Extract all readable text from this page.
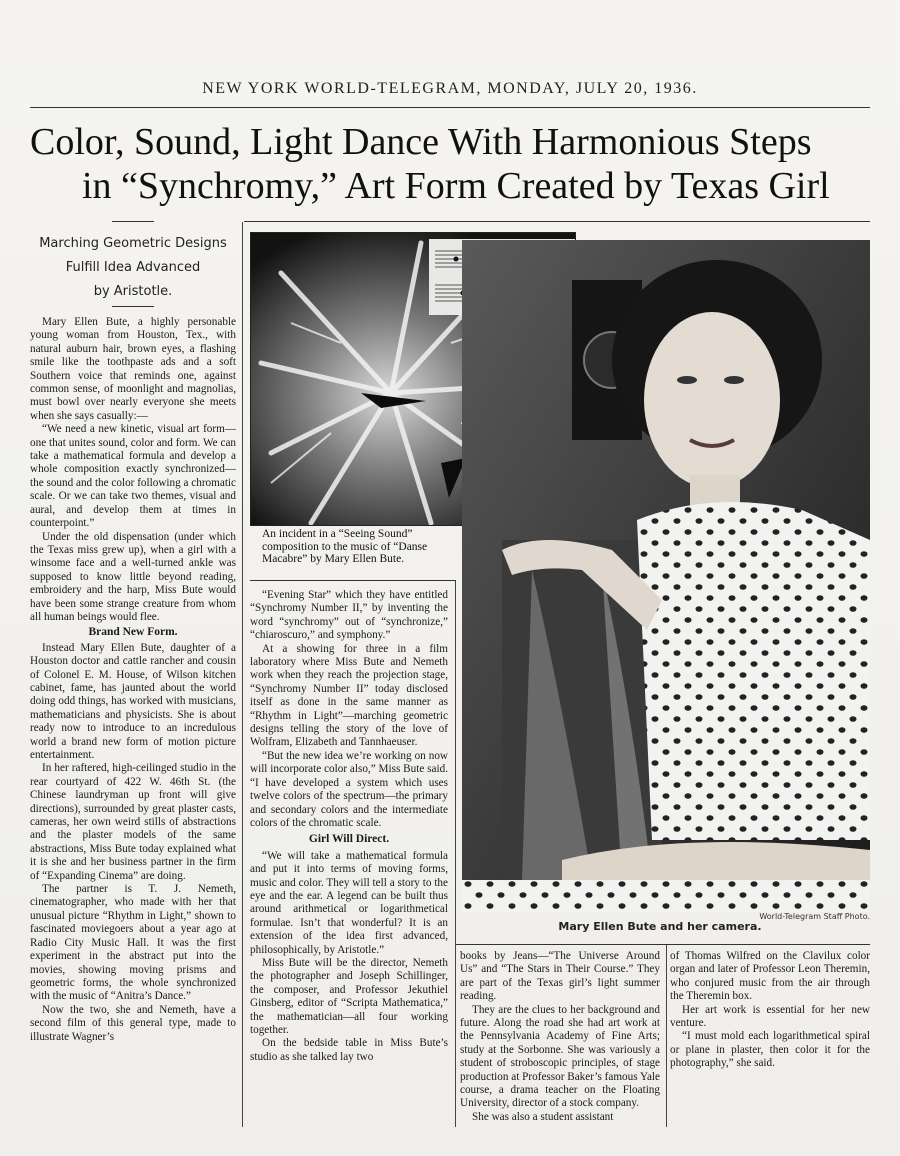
NEW YORK WORLD-TELEGRAM, MONDAY, JULY 20, 1936.
Color, Sound, Light Dance With Harmonious Steps
in “Synchromy,” Art Form Created by Texas Girl
Marching Geometric Designs
Fulfill Idea Advanced
by Aristotle.

Mary Ellen Bute, a highly personable young woman from Houston, Tex., with natural auburn hair, brown eyes, a flashing smile like the toothpaste ads and a soft Southern voice that reminds one, against common sense, of moonlight and magnolias, must bowl over nearly everyone she meets when she says casually:—

“We need a new kinetic, visual art form—one that unites sound, color and form. We can take a mathematical formula and develop a whole composition exactly synchronized—the sound and the color following a chromatic scale. Or we can take two themes, visual and aural, and develop them at times in counterpoint.”

Under the old dispensation (under which the Texas miss grew up), when a girl with a winsome face and a well-turned ankle was supposed to know little beyond reading, embroidery and the harp, Miss Bute would have been some strange creature from whom all human beings would flee.

Brand New Form.

Instead Mary Ellen Bute, daughter of a Houston doctor and cattle rancher and cousin of Colonel E. M. House, of Wilson kitchen cabinet, fame, has jaunted about the world doing odd things, has worked with musicians, mathematicians and physicists. She is about ready now to introduce to an incredulous world a brand new form of motion picture entertainment.

In her raftered, high-ceilinged studio in the rear courtyard of 422 W. 46th St. (the Chinese laundryman up front will give directions), surrounded by great plaster casts, cameras, her own weird stills of abstractions and the plaster models of the same abstractions, Miss Bute today explained what it is she and her business partner in the firm of “Expanding Cinema” are doing.

The partner is T. J. Nemeth, cinematographer, who made with her that unusual picture “Rhythm in Light,” shown to fascinated moviegoers about a year ago at Radio City Music Hall. It was the first experiment in the abstract put into the movies, showing moving prisms and geometric forms, the whole synchronized with the music of “Anitra’s Dance.”

Now the two, she and Nemeth, have a second film of this general type, made to illustrate Wagner’s

An incident in a “Seeing Sound” composition to the music of “Danse Macabre” by Mary Ellen Bute.
World-Telegram Staff Photo.
Mary Ellen Bute and her camera.

“Evening Star” which they have entitled “Synchromy Number II,” by inventing the word “synchromy” out of “synchronize,” “chiaroscuro,” and symphony.”

At a showing for three in a film laboratory where Miss Bute and Nemeth work when they reach the projection stage, “Synchromy Number II” today disclosed itself as done in the same manner as “Rhythm in Light”—marching geometric designs telling the story of the love of Wolfram, Elizabeth and Tannhaeuser.

“But the new idea we’re working on now will incorporate color also,” Miss Bute said. “I have developed a system which uses twelve colors of the spectrum—the primary and secondary colors and the intermediate colors of the chromatic scale.

Girl Will Direct.

“We will take a mathematical formula and put it into terms of moving forms, music and color. They will tell a story to the eye and the ear. A legend can be built thus around arithmetical or logarithmetical formulae. Isn’t that wonderful? It is an extension of the idea first advanced, philosophically, by Aristotle.”

Miss Bute will be the director, Nemeth the photographer and Joseph Schillinger, the composer, and Professor Jekuthiel Ginsberg, editor of “Scripta Mathematica,” the mathematician—all four working together.

On the bedside table in Miss Bute’s studio as she talked lay two

books by Jeans—“The Universe Around Us” and “The Stars in Their Course.” They are part of the Texas girl’s light summer reading.

They are the clues to her background and future. Along the road she had art work at the Pennsylvania Academy of Fine Arts; study at the Sorbonne. She was variously a student of stroboscopic principles, of stage production at Professor Baker’s famous Yale course, a drama teacher on the Floating University, director of a stock company.

She was also a student assistant

of Thomas Wilfred on the Clavilux color organ and later of Professor Leon Theremin, who conjured music from the air through the Theremin box.

Her art work is essential for her new venture.

“I must mold each logarithmetical spiral or plane in plaster, then color it for the photography,” she said.
